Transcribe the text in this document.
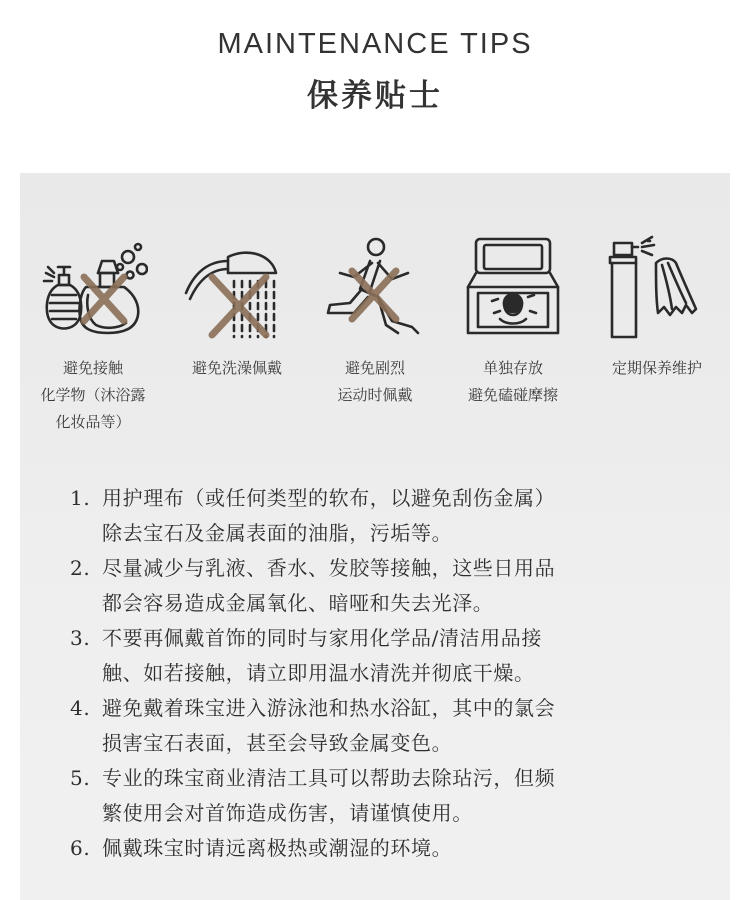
MAINTENANCE TIPS
保养贴士
避免接触
化学物（沐浴露
化妆品等）
避免洗澡佩戴	避免剧烈
运动时佩戴
单独存放
避免磕碰摩擦
定期保养维护
1. 用护理布（或任何类型的软布，以避免刮伤金属）
除去宝石及金属表面的油脂，污垢等。
2. 尽量减少与乳液、香水、发胶等接触，这些日用品
都会容易造成金属氧化、暗哑和失去光泽。
3. 不要再佩戴首饰的同时与家用化学品/清洁用品接
触、如若接触，请立即用温水清洗并彻底干燥。
4. 避免戴着珠宝进入游泳池和热水浴缸，其中的氯会
损害宝石表面，甚至会导致金属变色。
5. 专业的珠宝商业清洁工具可以帮助去除玷污，但频
繁使用会对首饰造成伤害，请谨慎使用。
6. 佩戴珠宝时请远离极热或潮湿的环境。
